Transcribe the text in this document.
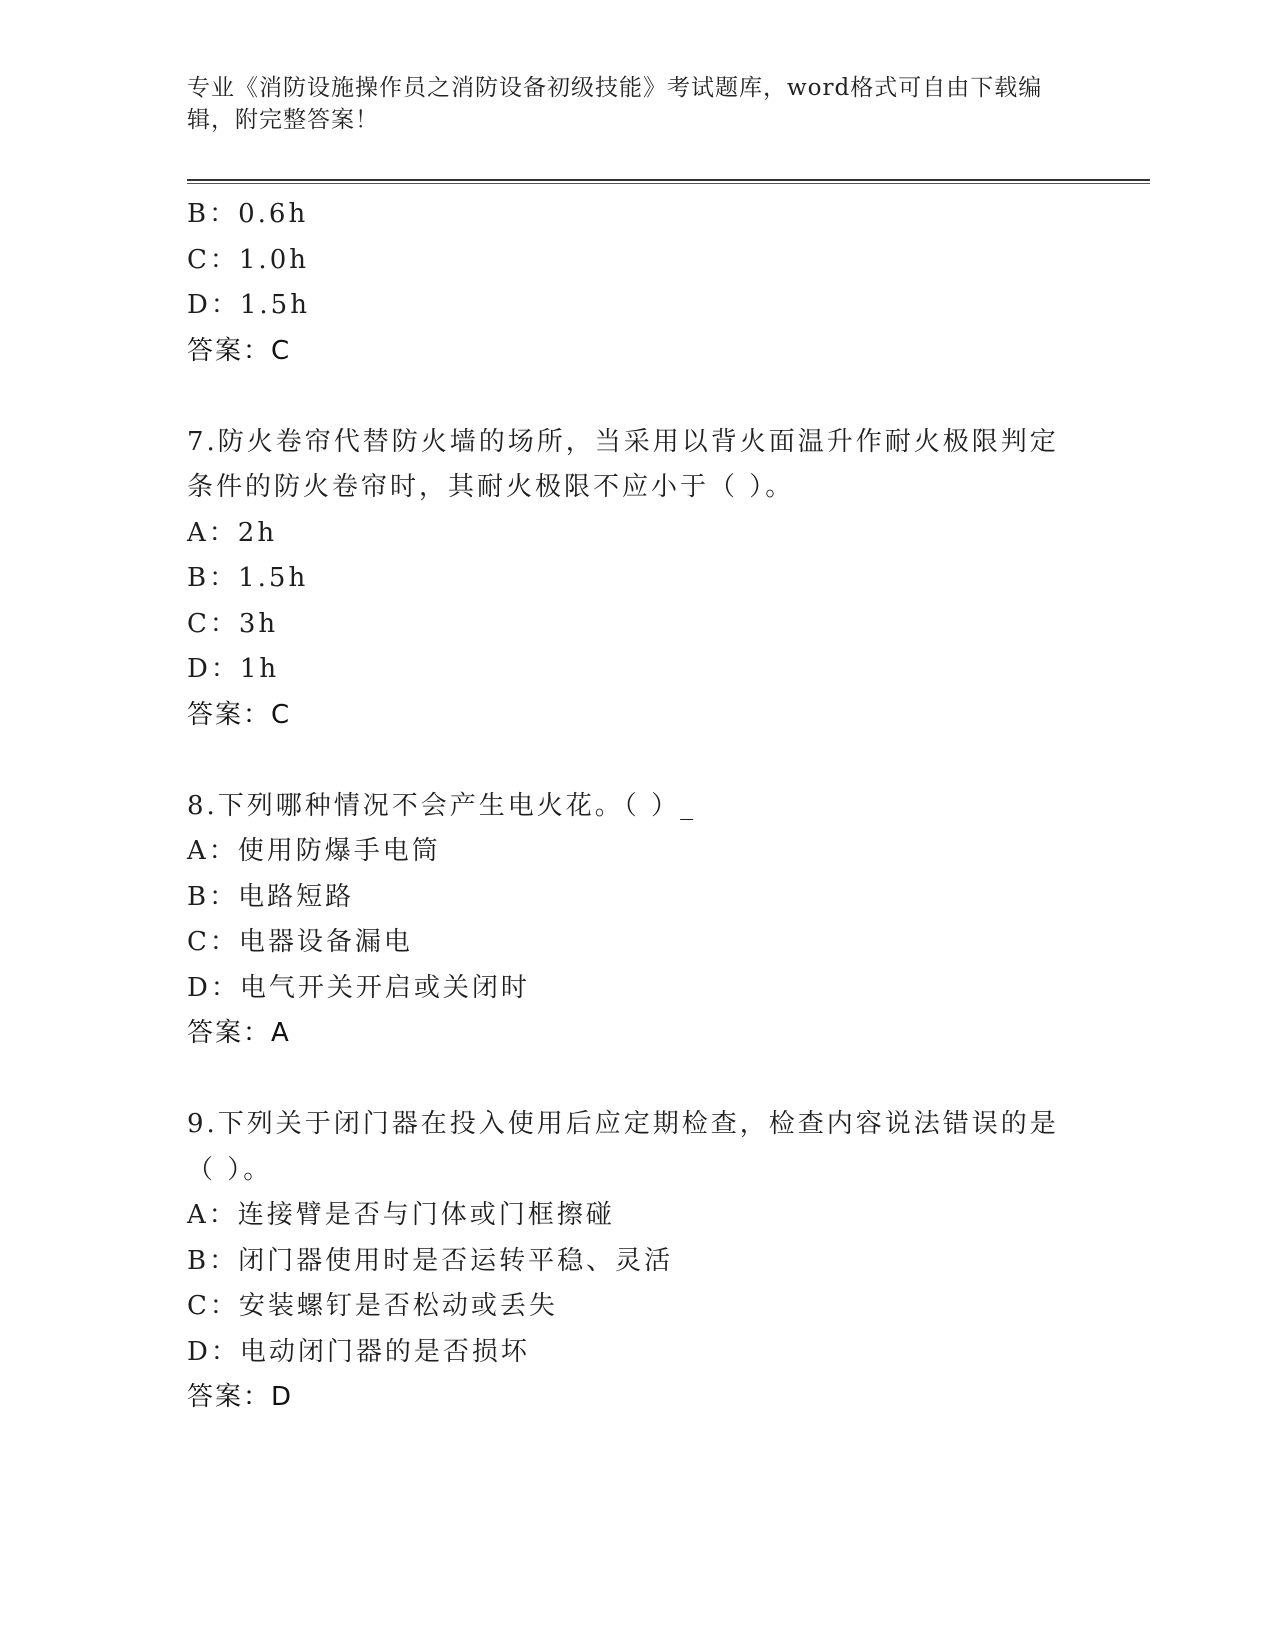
专业《消防设施操作员之消防设备初级技能》考试题库，word格式可自由下载编辑，附完整答案！
B：0.6h
C：1.0h
D：1.5h
答案：C
7.防火卷帘代替防火墙的场所，当采用以背火面温升作耐火极限判定条件的防火卷帘时，其耐火极限不应小于（ ）。
A：2h
B：1.5h
C：3h
D：1h
答案：C
8.下列哪种情况不会产生电火花。（ ）_
A：使用防爆手电筒
B：电路短路
C：电器设备漏电
D：电气开关开启或关闭时
答案：A
9.下列关于闭门器在投入使用后应定期检查，检查内容说法错误的是（ ）。
A：连接臂是否与门体或门框擦碰
B：闭门器使用时是否运转平稳、灵活
C：安装螺钉是否松动或丢失
D：电动闭门器的是否损坏
答案：D
